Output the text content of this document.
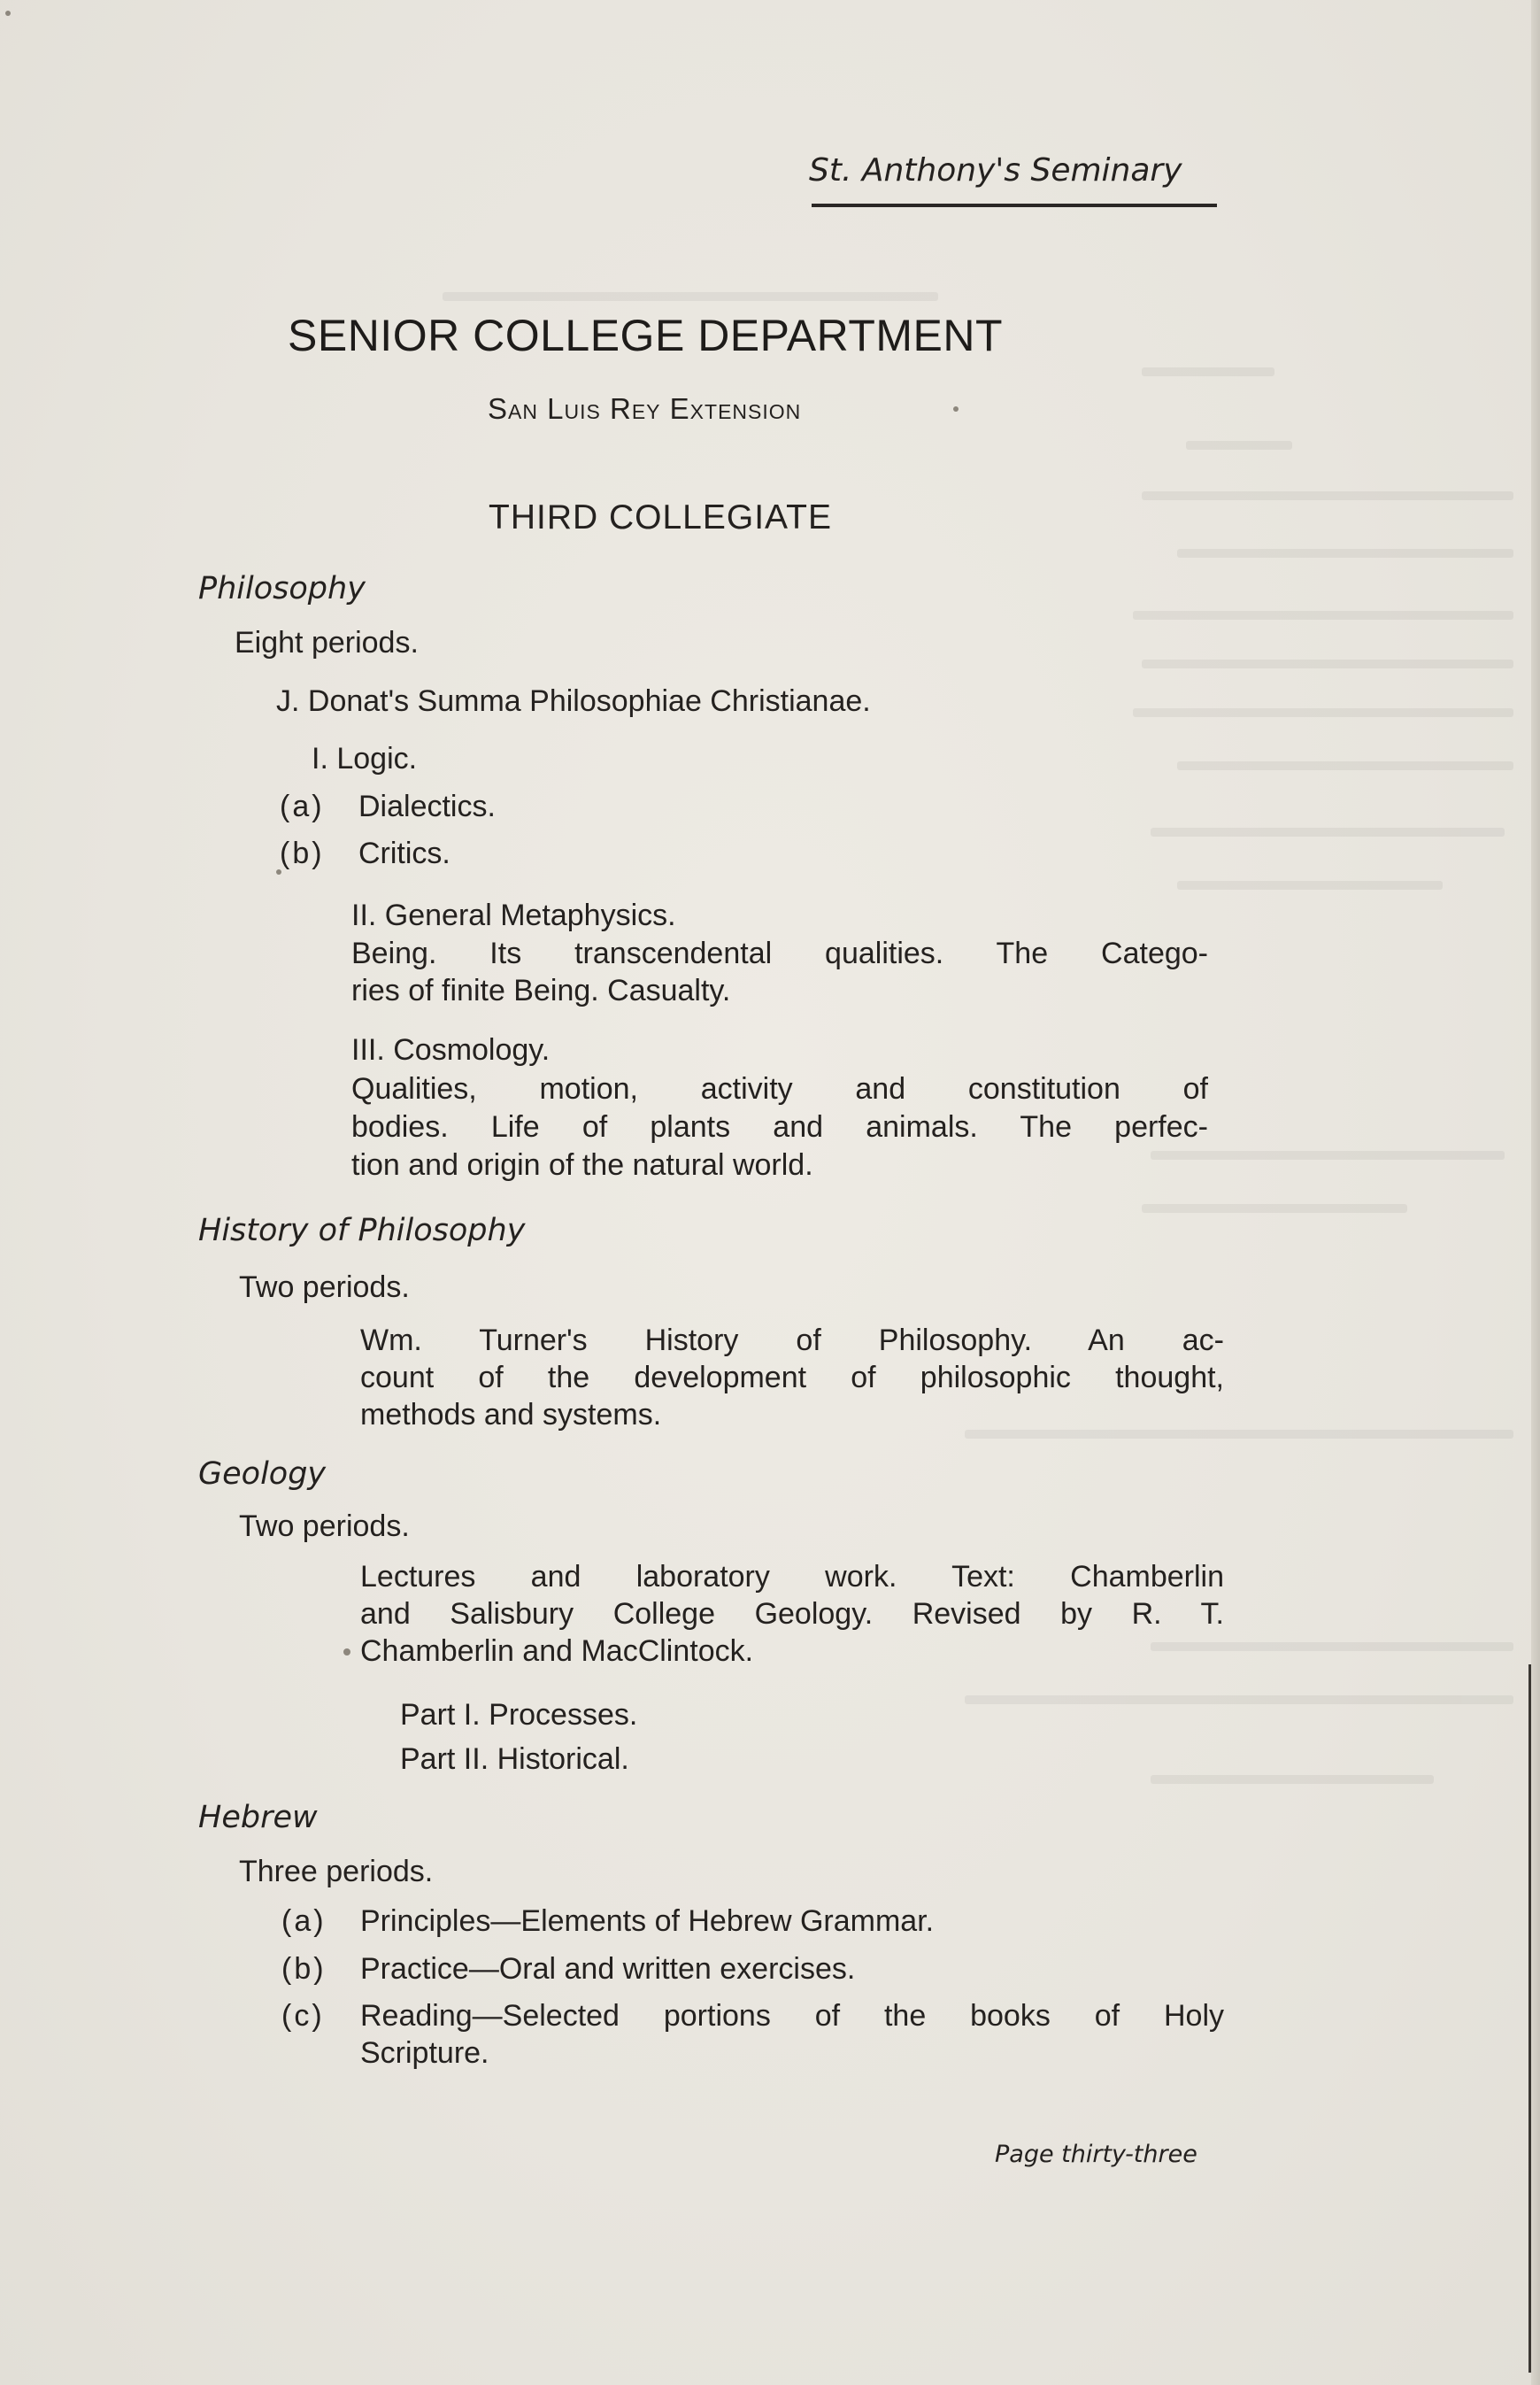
St. Anthony's Seminary
SENIOR COLLEGE DEPARTMENT
San Luis Rey Extension
THIRD COLLEGIATE
Philosophy
Eight periods.
J. Donat's Summa Philosophiae Christianae.
I. Logic.
(a) Dialectics.
(b) Critics.
II. General Metaphysics.
Being. Its transcendental qualities. The Catego-
ries of finite Being. Casualty.
III. Cosmology.
Qualities, motion, activity and constitution of
bodies. Life of plants and animals. The perfec-
tion and origin of the natural world.
History of Philosophy
Two periods.
Wm. Turner's History of Philosophy. An ac-
count of the development of philosophic thought,
methods and systems.
Geology
Two periods.
Lectures and laboratory work. Text: Chamberlin
and Salisbury College Geology. Revised by R. T.
Chamberlin and MacClintock.
Part I. Processes.
Part II. Historical.
Hebrew
Three periods.
(a) Principles—Elements of Hebrew Grammar.
(b) Practice—Oral and written exercises.
(c) Reading—Selected portions of the books of Holy
Scripture.
Page thirty-three
